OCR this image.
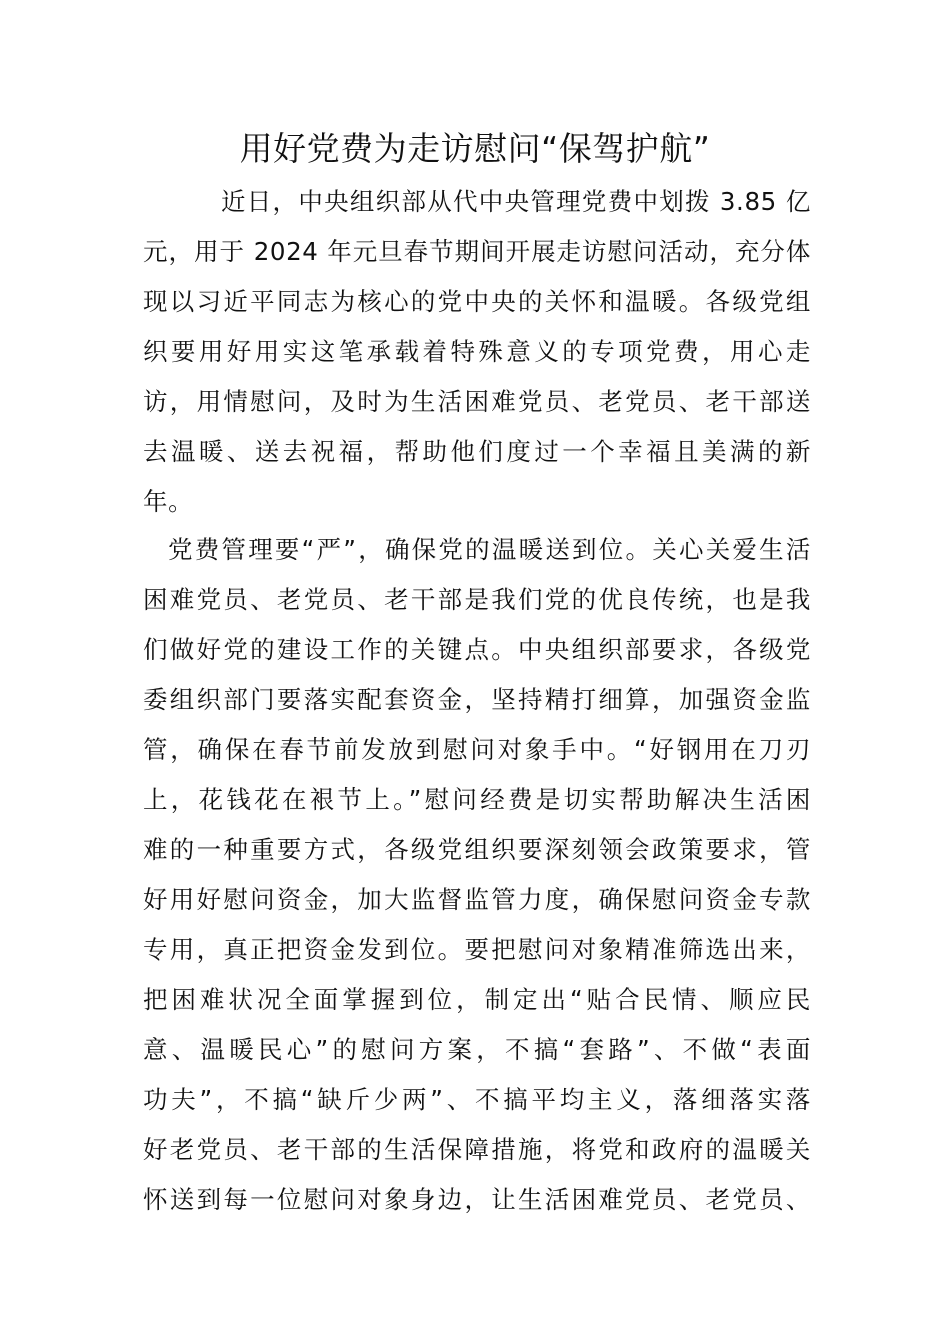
用好党费为走访慰问“保驾护航”
近日，中央组织部从代中央管理党费中划拨 3.85 亿
元，用于 2024 年元旦春节期间开展走访慰问活动，充分体
现以习近平同志为核心的党中央的关怀和温暖。各级党组
织要用好用实这笔承载着特殊意义的专项党费，用心走
访，用情慰问，及时为生活困难党员、老党员、老干部送
去温暖、送去祝福，帮助他们度过一个幸福且美满的新
年。
党费管理要“严”，确保党的温暖送到位。关心关爱生活
困难党员、老党员、老干部是我们党的优良传统，也是我
们做好党的建设工作的关键点。中央组织部要求，各级党
委组织部门要落实配套资金，坚持精打细算，加强资金监
管，确保在春节前发放到慰问对象手中。“好钢用在刀刃
上，花钱花在裉节上。”慰问经费是切实帮助解决生活困
难的一种重要方式，各级党组织要深刻领会政策要求，管
好用好慰问资金，加大监督监管力度，确保慰问资金专款
专用，真正把资金发到位。要把慰问对象精准筛选出来，
把困难状况全面掌握到位，制定出“贴合民情、顺应民
意、温暖民心”的慰问方案，不搞“套路”、不做“表面
功夫”，不搞“缺斤少两”、不搞平均主义，落细落实落
好老党员、老干部的生活保障措施，将党和政府的温暖关
怀送到每一位慰问对象身边，让生活困难党员、老党员、
